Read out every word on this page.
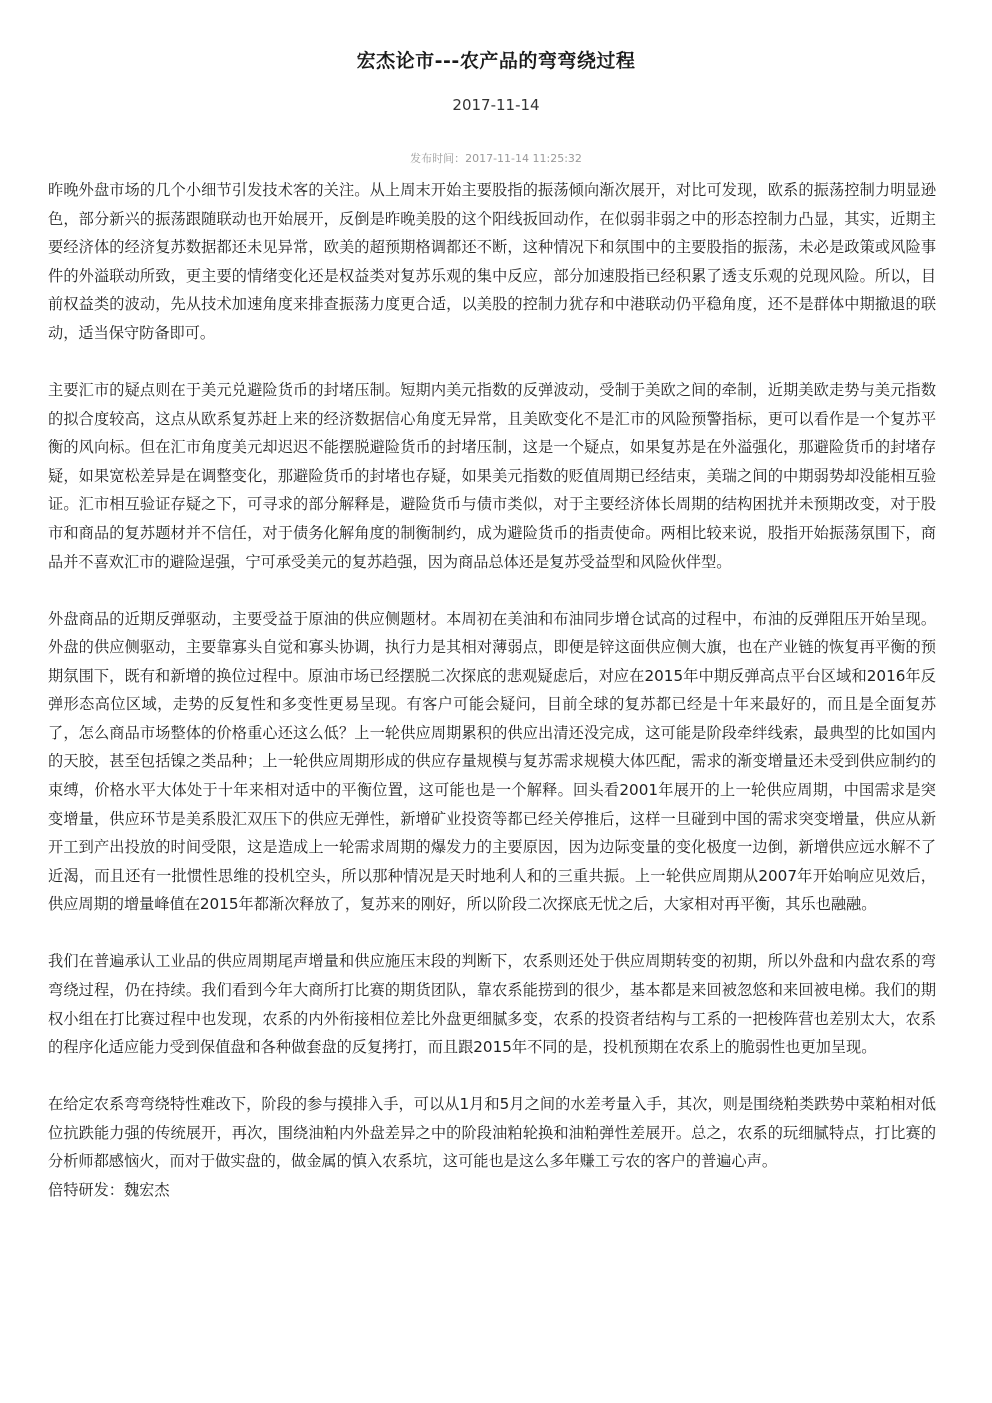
宏杰论市---农产品的弯弯绕过程
2017-11-14
发布时间：2017-11-14 11:25:32

昨晚外盘市场的几个小细节引发技术客的关注。从上周末开始主要股指的振荡倾向渐次展开，对比可发现，欧系的振荡控制力明显逊色，部分新兴的振荡跟随联动也开始展开，反倒是昨晚美股的这个阳线扳回动作，在似弱非弱之中的形态控制力凸显，其实，近期主要经济体的经济复苏数据都还未见异常，欧美的超预期格调都还不断，这种情况下和氛围中的主要股指的振荡，未必是政策或风险事件的外溢联动所致，更主要的情绪变化还是权益类对复苏乐观的集中反应，部分加速股指已经积累了透支乐观的兑现风险。所以，目前权益类的波动，先从技术加速角度来排查振荡力度更合适，以美股的控制力犹存和中港联动仍平稳角度，还不是群体中期撤退的联动，适当保守防备即可。

主要汇市的疑点则在于美元兑避险货币的封堵压制。短期内美元指数的反弹波动，受制于美欧之间的牵制，近期美欧走势与美元指数的拟合度较高，这点从欧系复苏赶上来的经济数据信心角度无异常，且美欧变化不是汇市的风险预警指标，更可以看作是一个复苏平衡的风向标。但在汇市角度美元却迟迟不能摆脱避险货币的封堵压制，这是一个疑点，如果复苏是在外溢强化，那避险货币的封堵存疑，如果宽松差异是在调整变化，那避险货币的封堵也存疑，如果美元指数的贬值周期已经结束，美瑞之间的中期弱势却没能相互验证。汇市相互验证存疑之下，可寻求的部分解释是，避险货币与债市类似，对于主要经济体长周期的结构困扰并未预期改变，对于股市和商品的复苏题材并不信任，对于债务化解角度的制衡制约，成为避险货币的指责使命。两相比较来说，股指开始振荡氛围下，商品并不喜欢汇市的避险逞强，宁可承受美元的复苏趋强，因为商品总体还是复苏受益型和风险伙伴型。

外盘商品的近期反弹驱动，主要受益于原油的供应侧题材。本周初在美油和布油同步增仓试高的过程中，布油的反弹阻压开始呈现。外盘的供应侧驱动，主要靠寡头自觉和寡头协调，执行力是其相对薄弱点，即便是锌这面供应侧大旗，也在产业链的恢复再平衡的预期氛围下，既有和新增的换位过程中。原油市场已经摆脱二次探底的悲观疑虑后，对应在2015年中期反弹高点平台区域和2016年反弹形态高位区域，走势的反复性和多变性更易呈现。有客户可能会疑问，目前全球的复苏都已经是十年来最好的，而且是全面复苏了，怎么商品市场整体的价格重心还这么低？上一轮供应周期累积的供应出清还没完成，这可能是阶段牵绊线索，最典型的比如国内的天胶，甚至包括镍之类品种；上一轮供应周期形成的供应存量规模与复苏需求规模大体匹配，需求的渐变增量还未受到供应制约的束缚，价格水平大体处于十年来相对适中的平衡位置，这可能也是一个解释。回头看2001年展开的上一轮供应周期，中国需求是突变增量，供应环节是美系股汇双压下的供应无弹性，新增矿业投资等都已经关停推后，这样一旦碰到中国的需求突变增量，供应从新开工到产出投放的时间受限，这是造成上一轮需求周期的爆发力的主要原因，因为边际变量的变化极度一边倒，新增供应远水解不了近渴，而且还有一批惯性思维的投机空头，所以那种情况是天时地利人和的三重共振。上一轮供应周期从2007年开始响应见效后，供应周期的增量峰值在2015年都渐次释放了，复苏来的刚好，所以阶段二次探底无忧之后，大家相对再平衡，其乐也融融。

我们在普遍承认工业品的供应周期尾声增量和供应施压末段的判断下，农系则还处于供应周期转变的初期，所以外盘和内盘农系的弯弯绕过程，仍在持续。我们看到今年大商所打比赛的期货团队，靠农系能捞到的很少，基本都是来回被忽悠和来回被电梯。我们的期权小组在打比赛过程中也发现，农系的内外衔接相位差比外盘更细腻多变，农系的投资者结构与工系的一把梭阵营也差别太大，农系的程序化适应能力受到保值盘和各种做套盘的反复拷打，而且跟2015年不同的是，投机预期在农系上的脆弱性也更加呈现。

在给定农系弯弯绕特性难改下，阶段的参与摸排入手，可以从1月和5月之间的水差考量入手，其次，则是围绕粕类跌势中菜粕相对低位抗跌能力强的传统展开，再次，围绕油粕内外盘差异之中的阶段油粕轮换和油粕弹性差展开。总之，农系的玩细腻特点，打比赛的分析师都感恼火，而对于做实盘的，做金属的慎入农系坑，这可能也是这么多年赚工亏农的客户的普遍心声。

倍特研发：魏宏杰
